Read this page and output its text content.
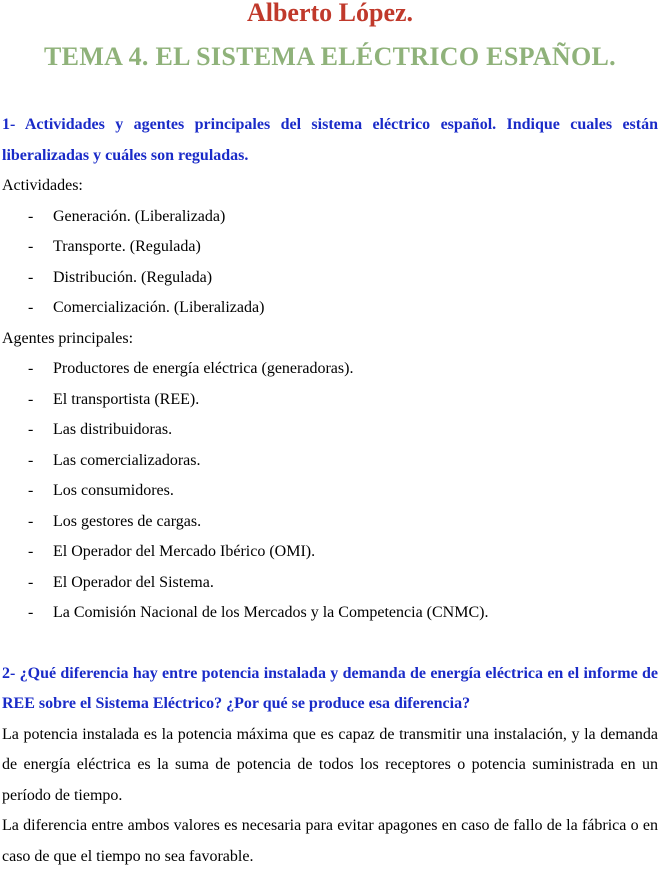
Alberto López.
TEMA 4. EL SISTEMA ELÉCTRICO ESPAÑOL.

1- Actividades y agentes principales del sistema eléctrico español. Indique cuales están liberalizadas y cuáles son reguladas.

Actividades:

- Generación. (Liberalizada)
- Transporte. (Regulada)
- Distribución. (Regulada)
- Comercialización. (Liberalizada)

Agentes principales:

- Productores de energía eléctrica (generadoras).
- El transportista (REE).
- Las distribuidoras.
- Las comercializadoras.
- Los consumidores.
- Los gestores de cargas.
- El Operador del Mercado Ibérico (OMI).
- El Operador del Sistema.
- La Comisión Nacional de los Mercados y la Competencia (CNMC).

2- ¿Qué diferencia hay entre potencia instalada y demanda de energía eléctrica en el informe de REE sobre el Sistema Eléctrico? ¿Por qué se produce esa diferencia?

La potencia instalada es la potencia máxima que es capaz de transmitir una instalación, y la demanda de energía eléctrica es la suma de potencia de todos los receptores o potencia suministrada en un período de tiempo.

La diferencia entre ambos valores es necesaria para evitar apagones en caso de fallo de la fábrica o en caso de que el tiempo no sea favorable.
